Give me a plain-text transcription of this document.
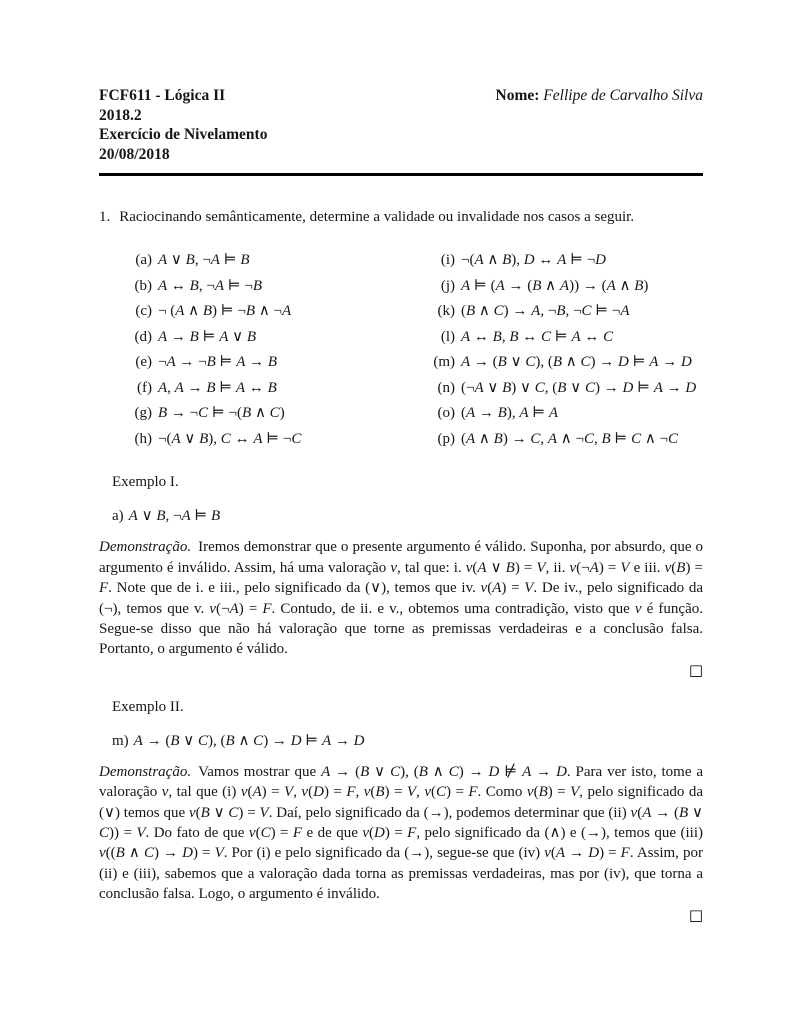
FCF611 - Lógica II
2018.2
Exercício de Nivelamento
20/08/2018
Nome: Fellipe de Carvalho Silva
1. Raciocinando semânticamente, determine a validade ou invalidade nos casos a seguir.
(a) A ∨ B, ¬A ⊨ B
(b) A ↔ B, ¬A ⊨ ¬B
(c) ¬ (A ∧ B) ⊨ ¬B ∧ ¬A
(d) A → B ⊨ A ∨ B
(e) ¬A → ¬B ⊨ A → B
(f) A, A → B ⊨ A ↔ B
(g) B → ¬C ⊨ ¬(B ∧ C)
(h) ¬(A ∨ B), C ↔ A ⊨ ¬C
(i) ¬(A ∧ B), D ↔ A ⊨ ¬D
(j) A ⊨ (A → (B ∧ A)) → (A ∧ B)
(k) (B ∧ C) → A, ¬B, ¬C ⊨ ¬A
(l) A ↔ B, B ↔ C ⊨ A ↔ C
(m) A → (B ∨ C), (B ∧ C) → D ⊨ A → D
(n) (¬A ∨ B) ∨ C, (B ∨ C) → D ⊨ A → D
(o) (A → B), A ⊨ A
(p) (A ∧ B) → C, A ∧ ¬C, B ⊨ C ∧ ¬C
Exemplo I.
a) A ∨ B, ¬A ⊨ B

Demonstração. Iremos demonstrar que o presente argumento é válido. Suponha, por absurdo, que o argumento é inválido. Assim, há uma valoração v, tal que: i. v(A ∨ B) = V, ii. v(¬A) = V e iii. v(B) = F. Note que de i. e iii., pelo significado da (∨), temos que iv. v(A) = V. De iv., pelo significado da (¬), temos que v. v(¬A) = F. Contudo, de ii. e v., obtemos uma contradição, visto que v é função. Segue-se disso que não há valoração que torne as premissas verdadeiras e a conclusão falsa. Portanto, o argumento é válido.

□
Exemplo II.
m) A → (B ∨ C), (B ∧ C) → D ⊨ A → D

Demonstração. Vamos mostrar que A → (B ∨ C), (B ∧ C) → D ⊭ A → D. Para ver isto, tome a valoração v, tal que (i) v(A) = V, v(D) = F, v(B) = V, v(C) = F. Como v(B) = V, pelo significado da (∨) temos que v(B ∨ C) = V. Daí, pelo significado da (→), podemos determinar que (ii) v(A → (B ∨ C)) = V. Do fato de que v(C) = F e de que v(D) = F, pelo significado da (∧) e (→), temos que (iii) v((B ∧ C) → D) = V. Por (i) e pelo significado da (→), segue-se que (iv) v(A → D) = F. Assim, por (ii) e (iii), sabemos que a valoração dada torna as premissas verdadeiras, mas por (iv), que torna a conclusão falsa. Logo, o argumento é inválido.

□
